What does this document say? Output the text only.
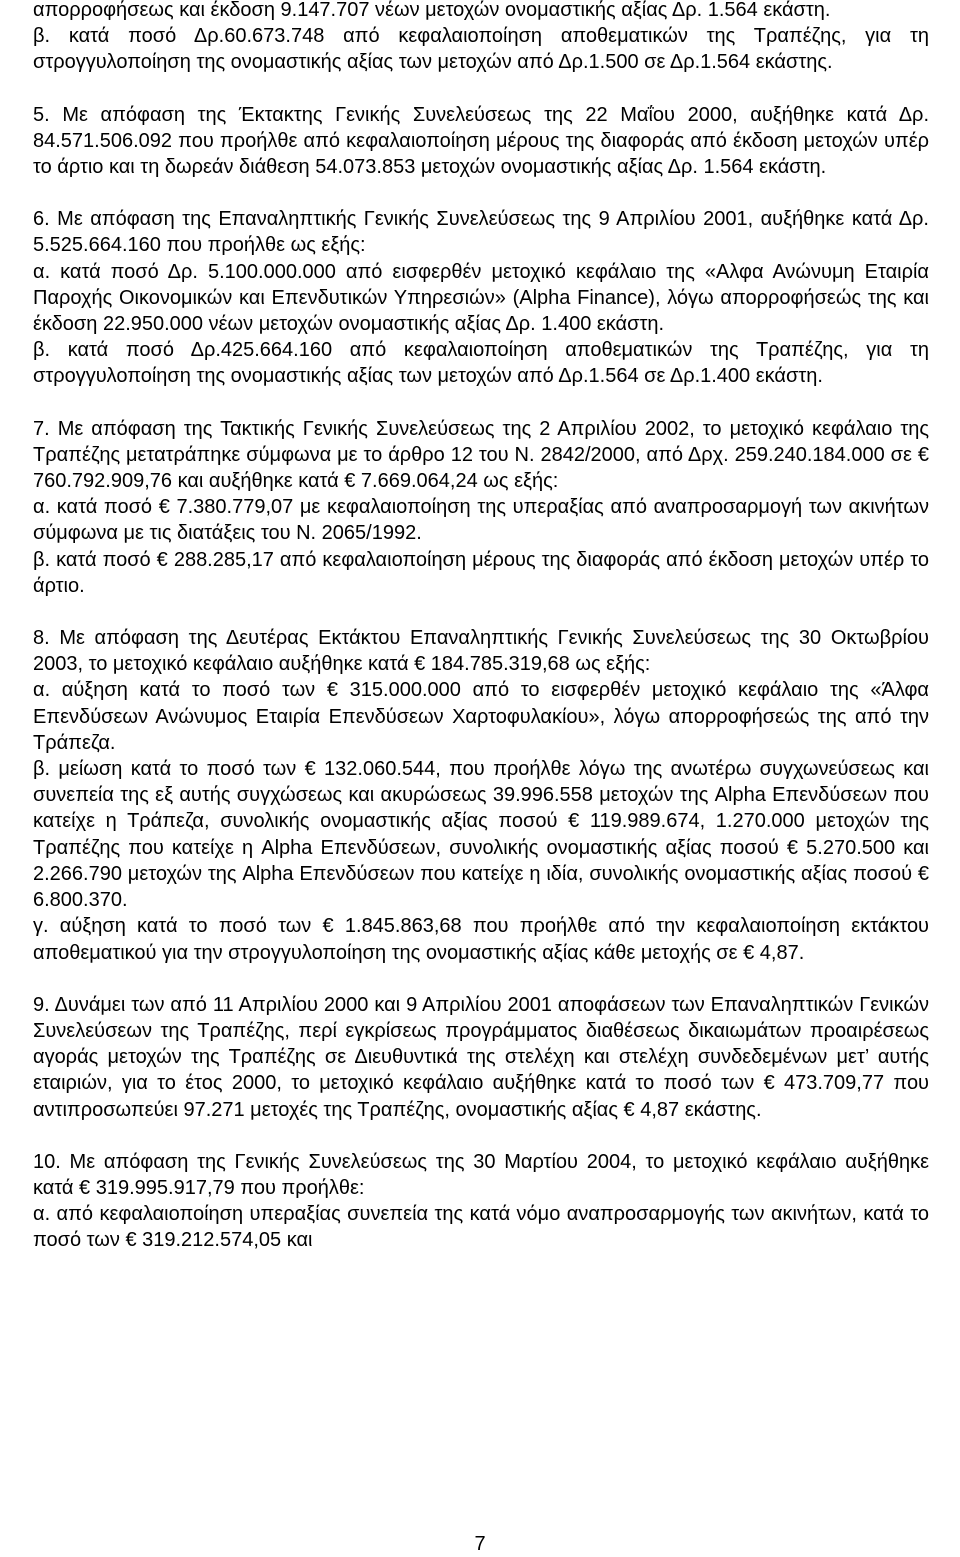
απορροφήσεως και έκδοση 9.147.707 νέων μετοχών ονομαστικής αξίας Δρ. 1.564 εκάστη.

β. κατά ποσό Δρ.60.673.748 από κεφαλαιοποίηση αποθεματικών της Τραπέζης, για τη στρογγυλοποίηση της ονομαστικής αξίας των μετοχών από Δρ.1.500 σε Δρ.1.564 εκάστης.

5. Με απόφαση της Έκτακτης Γενικής Συνελεύσεως της 22 Μαΐου 2000, αυξήθηκε κατά Δρ. 84.571.506.092 που προήλθε από κεφαλαιοποίηση μέρους της διαφοράς από έκδοση μετοχών υπέρ το άρτιο και τη δωρεάν διάθεση 54.073.853 μετοχών ονομαστικής αξίας Δρ. 1.564 εκάστη.

6. Με απόφαση της Επαναληπτικής Γενικής Συνελεύσεως της 9 Απριλίου 2001, αυξήθηκε κατά Δρ. 5.525.664.160 που προήλθε ως εξής:

α. κατά ποσό Δρ. 5.100.000.000 από εισφερθέν μετοχικό κεφάλαιο της «Αλφα Ανώνυμη Εταιρία Παροχής Οικονομικών και Επενδυτικών Υπηρεσιών» (Alpha Finance), λόγω απορροφήσεώς της και έκδοση 22.950.000 νέων μετοχών ονομαστικής αξίας Δρ. 1.400 εκάστη.

β. κατά ποσό Δρ.425.664.160 από κεφαλαιοποίηση αποθεματικών της Τραπέζης, για τη στρογγυλοποίηση της ονομαστικής αξίας των μετοχών από Δρ.1.564 σε Δρ.1.400 εκάστη.

7. Με απόφαση της Τακτικής Γενικής Συνελεύσεως της 2 Απριλίου 2002, το μετοχικό κεφάλαιο της Τραπέζης μετατράπηκε σύμφωνα με το άρθρο 12 του Ν. 2842/2000, από Δρχ. 259.240.184.000 σε € 760.792.909,76 και αυξήθηκε κατά € 7.669.064,24 ως εξής:

α. κατά ποσό € 7.380.779,07 με κεφαλαιοποίηση της υπεραξίας από αναπροσαρμογή των ακινήτων σύμφωνα με τις διατάξεις του Ν. 2065/1992.

β. κατά ποσό € 288.285,17 από κεφαλαιοποίηση μέρους της διαφοράς από έκδοση μετοχών υπέρ το άρτιο.

8. Με απόφαση της Δευτέρας Εκτάκτου Επαναληπτικής Γενικής Συνελεύσεως της 30 Οκτωβρίου 2003, το μετοχικό κεφάλαιο αυξήθηκε κατά € 184.785.319,68 ως εξής:

α. αύξηση κατά το ποσό των € 315.000.000 από το εισφερθέν μετοχικό κεφάλαιο της «Άλφα Επενδύσεων Ανώνυμος Εταιρία Επενδύσεων Χαρτοφυλακίου», λόγω απορροφήσεώς της από την Τράπεζα.

β. μείωση κατά το ποσό των € 132.060.544, που προήλθε λόγω της ανωτέρω συγχωνεύσεως και συνεπεία της εξ αυτής συγχώσεως και ακυρώσεως 39.996.558 μετοχών της Alpha Επενδύσεων που κατείχε η Τράπεζα, συνολικής ονομαστικής αξίας ποσού € 119.989.674, 1.270.000 μετοχών της Τραπέζης που κατείχε η Alpha Επενδύσεων, συνολικής ονομαστικής αξίας ποσού € 5.270.500 και 2.266.790 μετοχών της Alpha Επενδύσεων που κατείχε η ιδία, συνολικής ονομαστικής αξίας ποσού € 6.800.370.

γ. αύξηση κατά το ποσό των € 1.845.863,68 που προήλθε από την κεφαλαιοποίηση εκτάκτου αποθεματικού για την στρογγυλοποίηση της ονομαστικής αξίας κάθε μετοχής σε € 4,87.

9. Δυνάμει των από 11 Απριλίου 2000 και 9 Απριλίου 2001 αποφάσεων των Επαναληπτικών Γενικών Συνελεύσεων της Τραπέζης, περί εγκρίσεως προγράμματος διαθέσεως δικαιωμάτων προαιρέσεως αγοράς μετοχών της Τραπέζης σε Διευθυντικά της στελέχη και στελέχη συνδεδεμένων μετ’ αυτής εταιριών, για το έτος 2000, το μετοχικό κεφάλαιο αυξήθηκε κατά το ποσό των € 473.709,77 που αντιπροσωπεύει 97.271 μετοχές της Τραπέζης, ονομαστικής αξίας € 4,87 εκάστης.

10. Με απόφαση της Γενικής Συνελεύσεως της 30 Μαρτίου 2004, το μετοχικό κεφάλαιο αυξήθηκε κατά € 319.995.917,79 που προήλθε:

α. από κεφαλαιοποίηση υπεραξίας συνεπεία της κατά νόμο αναπροσαρμογής των ακινήτων, κατά το ποσό των € 319.212.574,05 και

7
